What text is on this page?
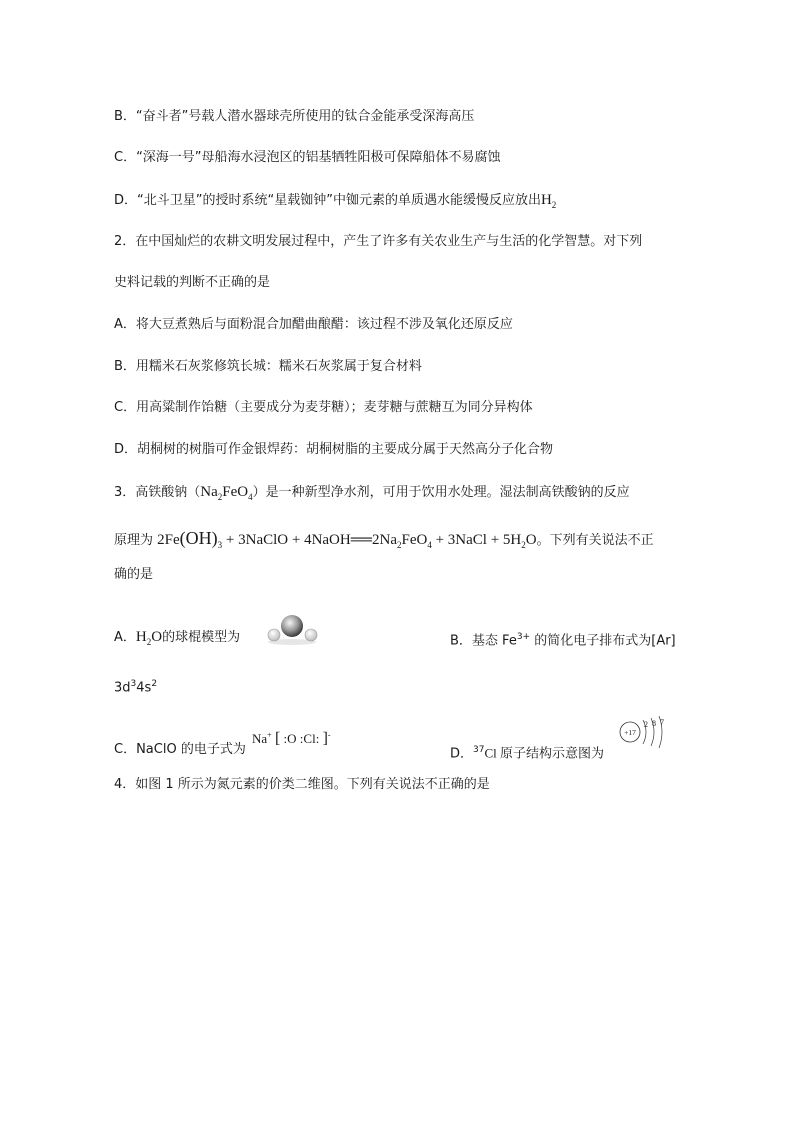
B．“奋斗者”号载人潜水器球壳所使用的钛合金能承受深海高压
C．“深海一号”母船海水浸泡区的铝基牺牲阳极可保障船体不易腐蚀
D．“北斗卫星”的授时系统“星载铷钟”中铷元素的单质遇水能缓慢反应放出$H_2$
2．在中国灿烂的农耕文明发展过程中，产生了许多有关农业生产与生活的化学智慧。对下列
史料记载的判断不正确的是
A．将大豆煮熟后与面粉混合加醋曲酿醋：该过程不涉及氧化还原反应
B．用糯米石灰浆修筑长城：糯米石灰浆属于复合材料
C．用高粱制作饴糖（主要成分为麦芽糖）；麦芽糖与蔗糖互为同分异构体
D．胡桐树的树脂可作金银焊药：胡桐树脂的主要成分属于天然高分子化合物
3．高铁酸钠$(Na_2FeO_4)$是一种新型净水剂，可用于饮用水处理。湿法制高铁酸钠的反应
原理为 $2Fe(OH)_3$ + 3NaClO + $4NaOH══2Na_2FeO_4$ + 3NaCl + $5H_2O$。下列有关说法不正
确的是
A．$H_2O$的球棍模型为	B．基态 $Fe^{3+}$ 的简化电子排布式为[Ar]
$3d^34s^2$
C．NaClO 的电子式为
Na+ [ :O :Cl: ]-
D．$^{37}$Cl 原子结构示意图为
+17
2 8 7
4．如图 1 所示为氮元素的价类二维图。下列有关说法不正确的是
